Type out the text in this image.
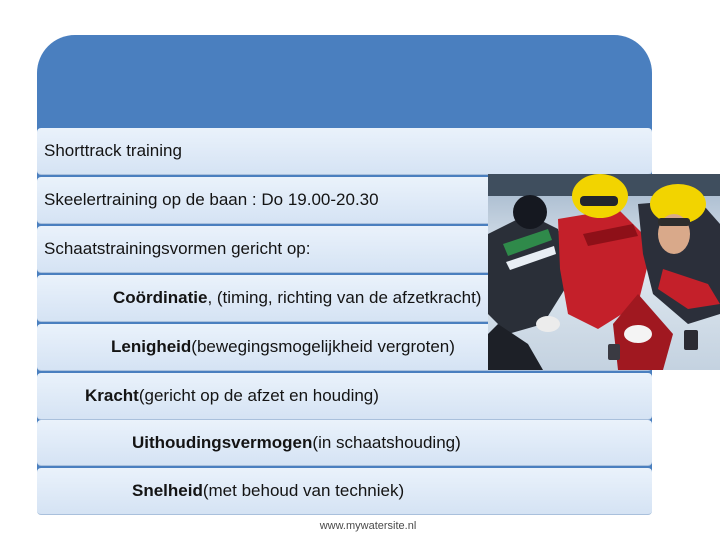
Shorttrack training
Skeelertraining op de baan : Do 19.00-20.30
Schaatstrainingsvormen gericht op:
Coördinatie , (timing, richting van de afzetkracht)
Lenigheid (bewegingsmogelijkheid vergroten)
Kracht (gericht op de afzet en houding)
Uithoudingsvermogen (in schaatshouding)
Snelheid (met behoud van techniek)
www.mywatersite.nl
